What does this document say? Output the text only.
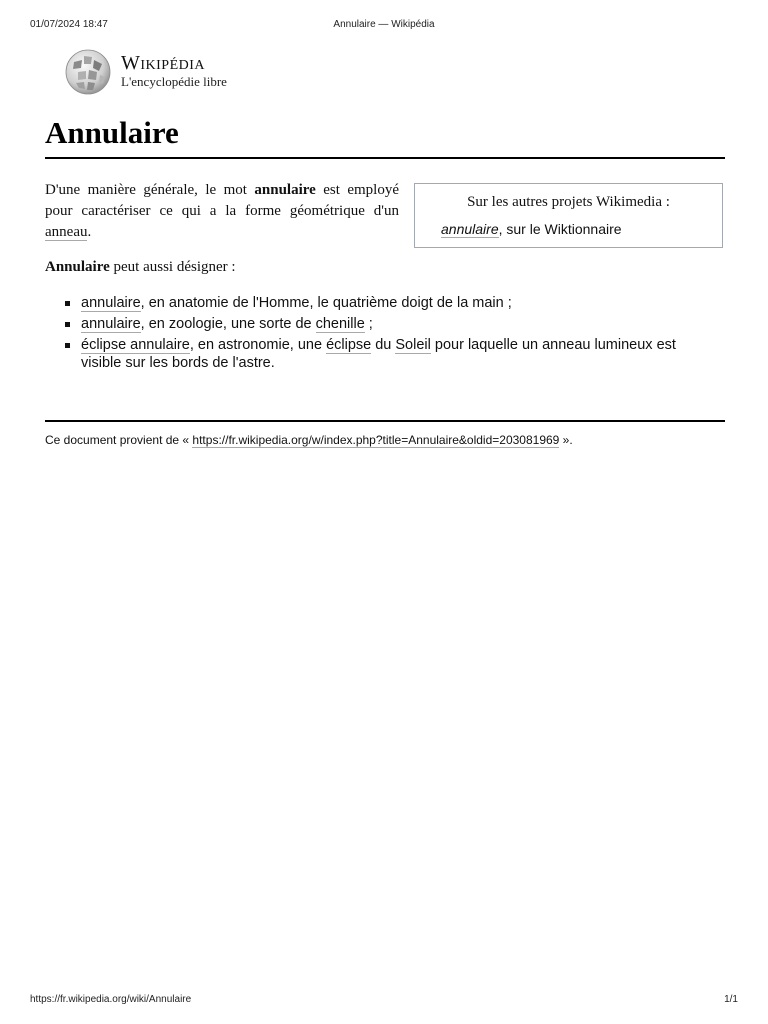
01/07/2024 18:47	Annulaire — Wikipédia
Wikipédia
L'encyclopédie libre
Annulaire

D'une manière générale, le mot annulaire est employé pour caractériser ce qui a la forme géométrique d'un anneau.

Sur les autres projets Wikimedia :
annulaire, sur le Wiktionnaire

Annulaire peut aussi désigner :

annulaire, en anatomie de l'Homme, le quatrième doigt de la main ;
annulaire, en zoologie, une sorte de chenille ;
éclipse annulaire, en astronomie, une éclipse du Soleil pour laquelle un anneau lumineux est visible sur les bords de l'astre.
Ce document provient de « https://fr.wikipedia.org/w/index.php?title=Annulaire&oldid=203081969 ».
https://fr.wikipedia.org/wiki/Annulaire	1/1
